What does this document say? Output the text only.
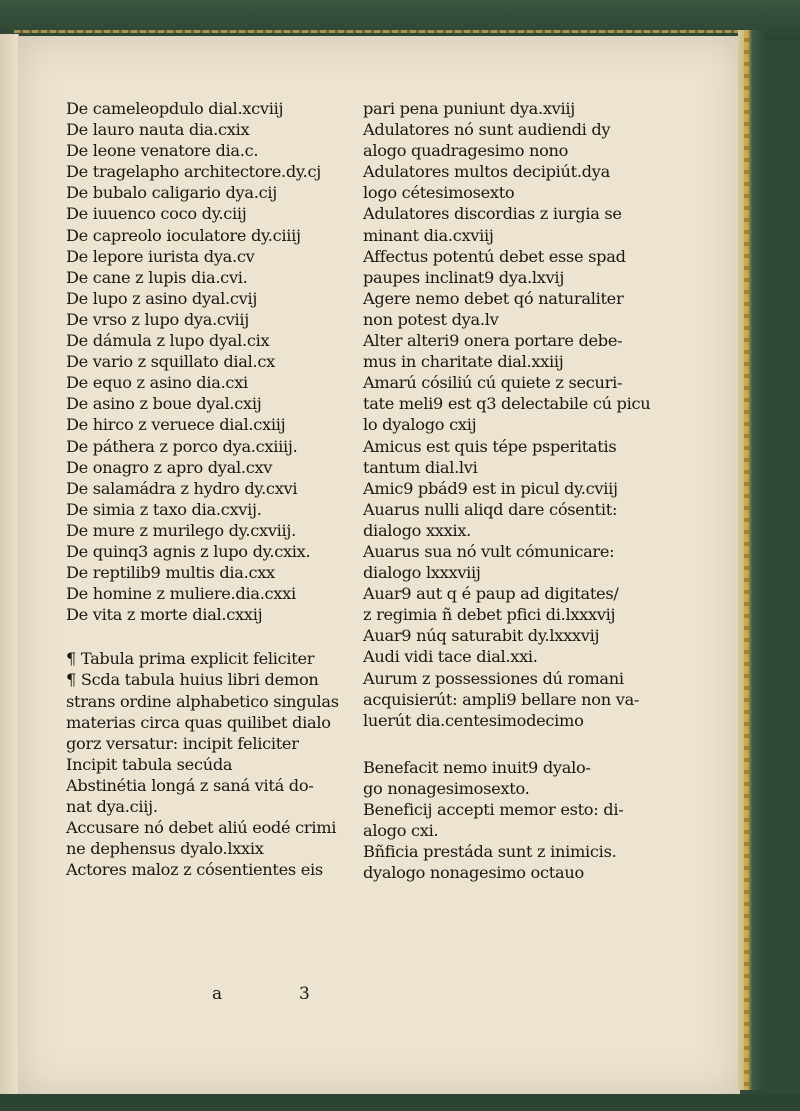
De cameleopdulo dial.xcviij
De lauro nauta dia.cxix
De leone venatore dia.c.
De tragelapho architectore.dy.cj
De bubalo caligario dya.cij
De iuuenco coco dy.ciij
De capreolo ioculatore dy.ciiij
De lepore iurista dya.cv
De cane z lupis dia.cvi.
De lupo z asino dyal.cvij
De vrso z lupo dya.cviij
De dámula z lupo dyal.cix
De vario z squillato dial.cx
De equo z asino dia.cxi
De asino z boue dyal.cxij
De hirco z veruece dial.cxiij
De páthera z porco dya.cxiiij.
De onagro z apro dyal.cxv
De salamádra z hydro dy.cxvi
De simia z taxo dia.cxvij.
De mure z murilego dy.cxviij.
De quinq3 agnis z lupo dy.cxix.
De reptilib9 multis dia.cxx
De homine z muliere.dia.cxxi
De vita z morte dial.cxxij
¶ Tabula prima explicit feliciter
¶ Scda tabula huius libri demon
strans ordine alphabetico singulas
materias circa quas quilibet dialo
gorz versatur: incipit feliciter
Incipit tabula secúda
Abstinétia longá z saná vitá do-
nat dya.ciij.
Accusare nó debet aliú eodé crimi
ne dephensus dyalo.lxxix
Actores maloz z cósentientes eis
pari pena puniunt dya.xviij
Adulatores nó sunt audiendi dy
alogo quadragesimo nono
Adulatores multos decipiút.dya
logo cétesimosexto
Adulatores discordias z iurgia se
minant dia.cxviij
Affectus potentú debet esse spad
paupes inclinat9 dya.lxvij
Agere nemo debet qó naturaliter
non potest dya.lv
Alter alteri9 onera portare debe-
mus in charitate dial.xxiij
Amarú cósiliú cú quiete z securi-
tate meli9 est q3 delectabile cú picu
lo dyalogo cxij
Amicus est quis tépe psperitatis
tantum dial.lvi
Amic9 pbád9 est in picul dy.cviij
Auarus nulli aliqd dare cósentit:
dialogo xxxix.
Auarus sua nó vult cómunicare:
dialogo lxxxviij
Auar9 aut q é paup ad digitates/
z regimia ñ debet pfici di.lxxxvij
Auar9 núq saturabit dy.lxxxvij
Audi vidi tace dial.xxi.
Aurum z possessiones dú romani
acquisierút: ampli9 bellare non va-
luerút dia.centesimodecimo
Benefacit nemo inuit9 dyalo-
go nonagesimosexto.
Beneficij accepti memor esto: di-
alogo cxi.
Bñficia prestáda sunt z inimicis.
dyalogo nonagesimo octauo
a	3
